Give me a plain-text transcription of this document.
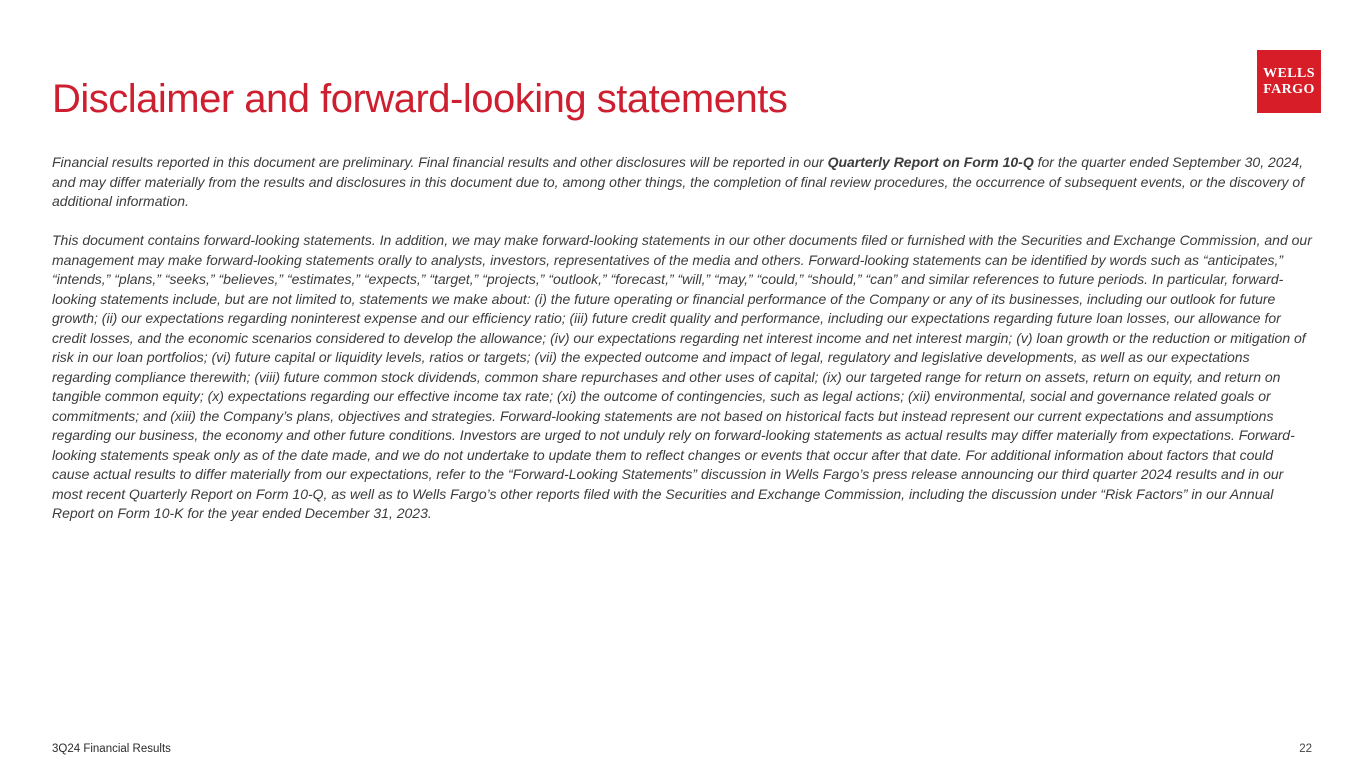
Disclaimer and forward-looking statements
WELLS
FARGO

Financial results reported in this document are preliminary. Final financial results and other disclosures will be reported in our Quarterly Report on Form 10-Q for the quarter ended September 30, 2024, and may differ materially from the results and disclosures in this document due to, among other things, the completion of final review procedures, the occurrence of subsequent events, or the discovery of additional information.

This document contains forward-looking statements. In addition, we may make forward-looking statements in our other documents filed or furnished with the Securities and Exchange Commission, and our management may make forward-looking statements orally to analysts, investors, representatives of the media and others. Forward-looking statements can be identified by words such as “anticipates,” “intends,” “plans,” “seeks,” “believes,” “estimates,” “expects,” “target,” “projects,” “outlook,” “forecast,” “will,” “may,” “could,” “should,” “can” and similar references to future periods. In particular, forward-looking statements include, but are not limited to, statements we make about: (i) the future operating or financial performance of the Company or any of its businesses, including our outlook for future growth; (ii) our expectations regarding noninterest expense and our efficiency ratio; (iii) future credit quality and performance, including our expectations regarding future loan losses, our allowance for credit losses, and the economic scenarios considered to develop the allowance; (iv) our expectations regarding net interest income and net interest margin; (v) loan growth or the reduction or mitigation of risk in our loan portfolios; (vi) future capital or liquidity levels, ratios or targets; (vii) the expected outcome and impact of legal, regulatory and legislative developments, as well as our expectations regarding compliance therewith; (viii) future common stock dividends, common share repurchases and other uses of capital; (ix) our targeted range for return on assets, return on equity, and return on tangible common equity; (x) expectations regarding our effective income tax rate; (xi) the outcome of contingencies, such as legal actions; (xii) environmental, social and governance related goals or commitments; and (xiii) the Company’s plans, objectives and strategies. Forward-looking statements are not based on historical facts but instead represent our current expectations and assumptions regarding our business, the economy and other future conditions. Investors are urged to not unduly rely on forward-looking statements as actual results may differ materially from expectations. Forward-looking statements speak only as of the date made, and we do not undertake to update them to reflect changes or events that occur after that date. For additional information about factors that could cause actual results to differ materially from our expectations, refer to the “Forward-Looking Statements” discussion in Wells Fargo’s press release announcing our third quarter 2024 results and in our most recent Quarterly Report on Form 10-Q, as well as to Wells Fargo’s other reports filed with the Securities and Exchange Commission, including the discussion under “Risk Factors” in our Annual Report on Form 10-K for the year ended December 31, 2023.

3Q24 Financial Results	22
